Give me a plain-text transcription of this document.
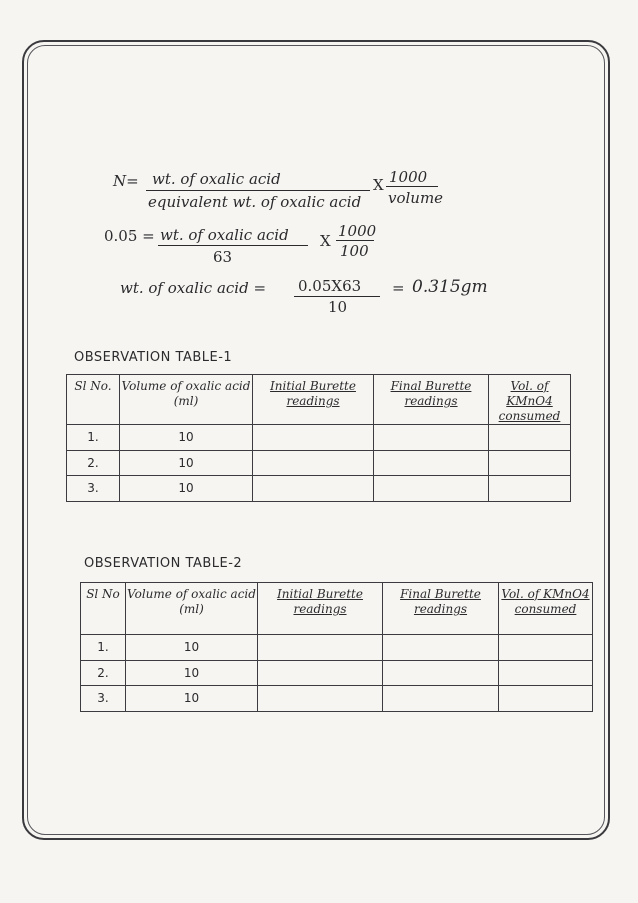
N= wt. of oxalic acid
equivalent wt. of oxalic acid
X 1000
volume
0.05 = wt. of oxalic acid
63
X
1000
100
wt. of oxalic acid = 0.05X63
10
= 0.315gm
OBSERVATION TABLE-1
Sl No.	Volume of oxalic acid (ml)	Initial Burette readings	Final Burette readings	Vol. of KMnO4 consumed
1.	10			
2.	10			
3.	10			
OBSERVATION TABLE-2
Sl No	Volume of oxalic acid (ml)	Initial Burette readings	Final Burette readings	Vol. of KMnO4 consumed
1.	10			
2.	10			
3.	10			
